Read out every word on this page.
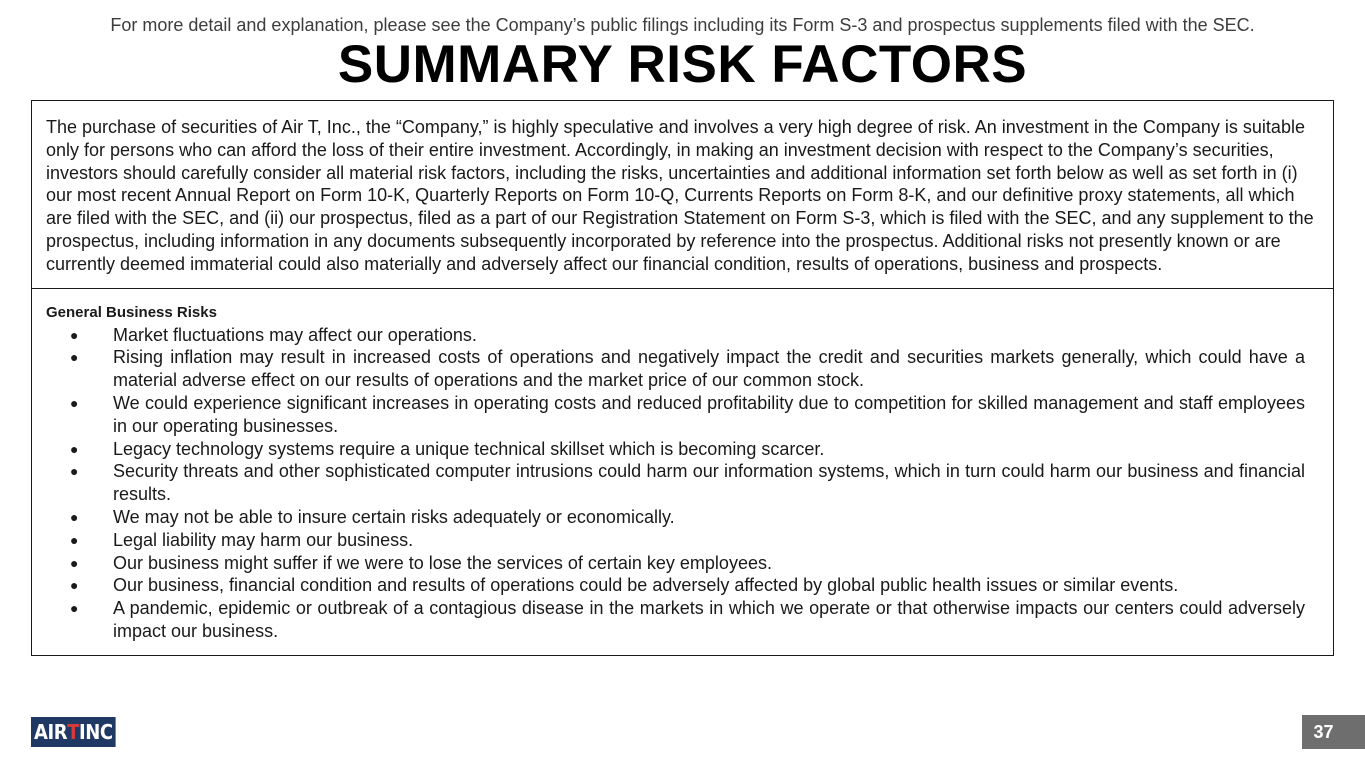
For more detail and explanation, please see the Company’s public filings including its Form S-3 and prospectus supplements filed with the SEC.
SUMMARY RISK FACTORS
The purchase of securities of Air T, Inc., the “Company,” is highly speculative and involves a very high degree of risk. An investment in the Company is suitable only for persons who can afford the loss of their entire investment. Accordingly, in making an investment decision with respect to the Company’s securities, investors should carefully consider all material risk factors, including the risks, uncertainties and additional information set forth below as well as set forth in (i) our most recent Annual Report on Form 10-K, Quarterly Reports on Form 10-Q, Currents Reports on Form 8-K, and our definitive proxy statements, all which are filed with the SEC, and (ii) our prospectus, filed as a part of our Registration Statement on Form S-3, which is filed with the SEC, and any supplement to the prospectus, including information in any documents subsequently incorporated by reference into the prospectus. Additional risks not presently known or are currently deemed immaterial could also materially and adversely affect our financial condition, results of operations, business and prospects.
General Business Risks
● Market fluctuations may affect our operations.
● Rising inflation may result in increased costs of operations and negatively impact the credit and securities markets generally, which could have a material adverse effect on our results of operations and the market price of our common stock.
● We could experience significant increases in operating costs and reduced profitability due to competition for skilled management and staff employees in our operating businesses.
● Legacy technology systems require a unique technical skillset which is becoming scarcer.
● Security threats and other sophisticated computer intrusions could harm our information systems, which in turn could harm our business and financial results.
● We may not be able to insure certain risks adequately or economically.
● Legal liability may harm our business.
● Our business might suffer if we were to lose the services of certain key employees.
● Our business, financial condition and results of operations could be adversely affected by global public health issues or similar events.
● A pandemic, epidemic or outbreak of a contagious disease in the markets in which we operate or that otherwise impacts our centers could adversely impact our business.
AIR T INC	37
